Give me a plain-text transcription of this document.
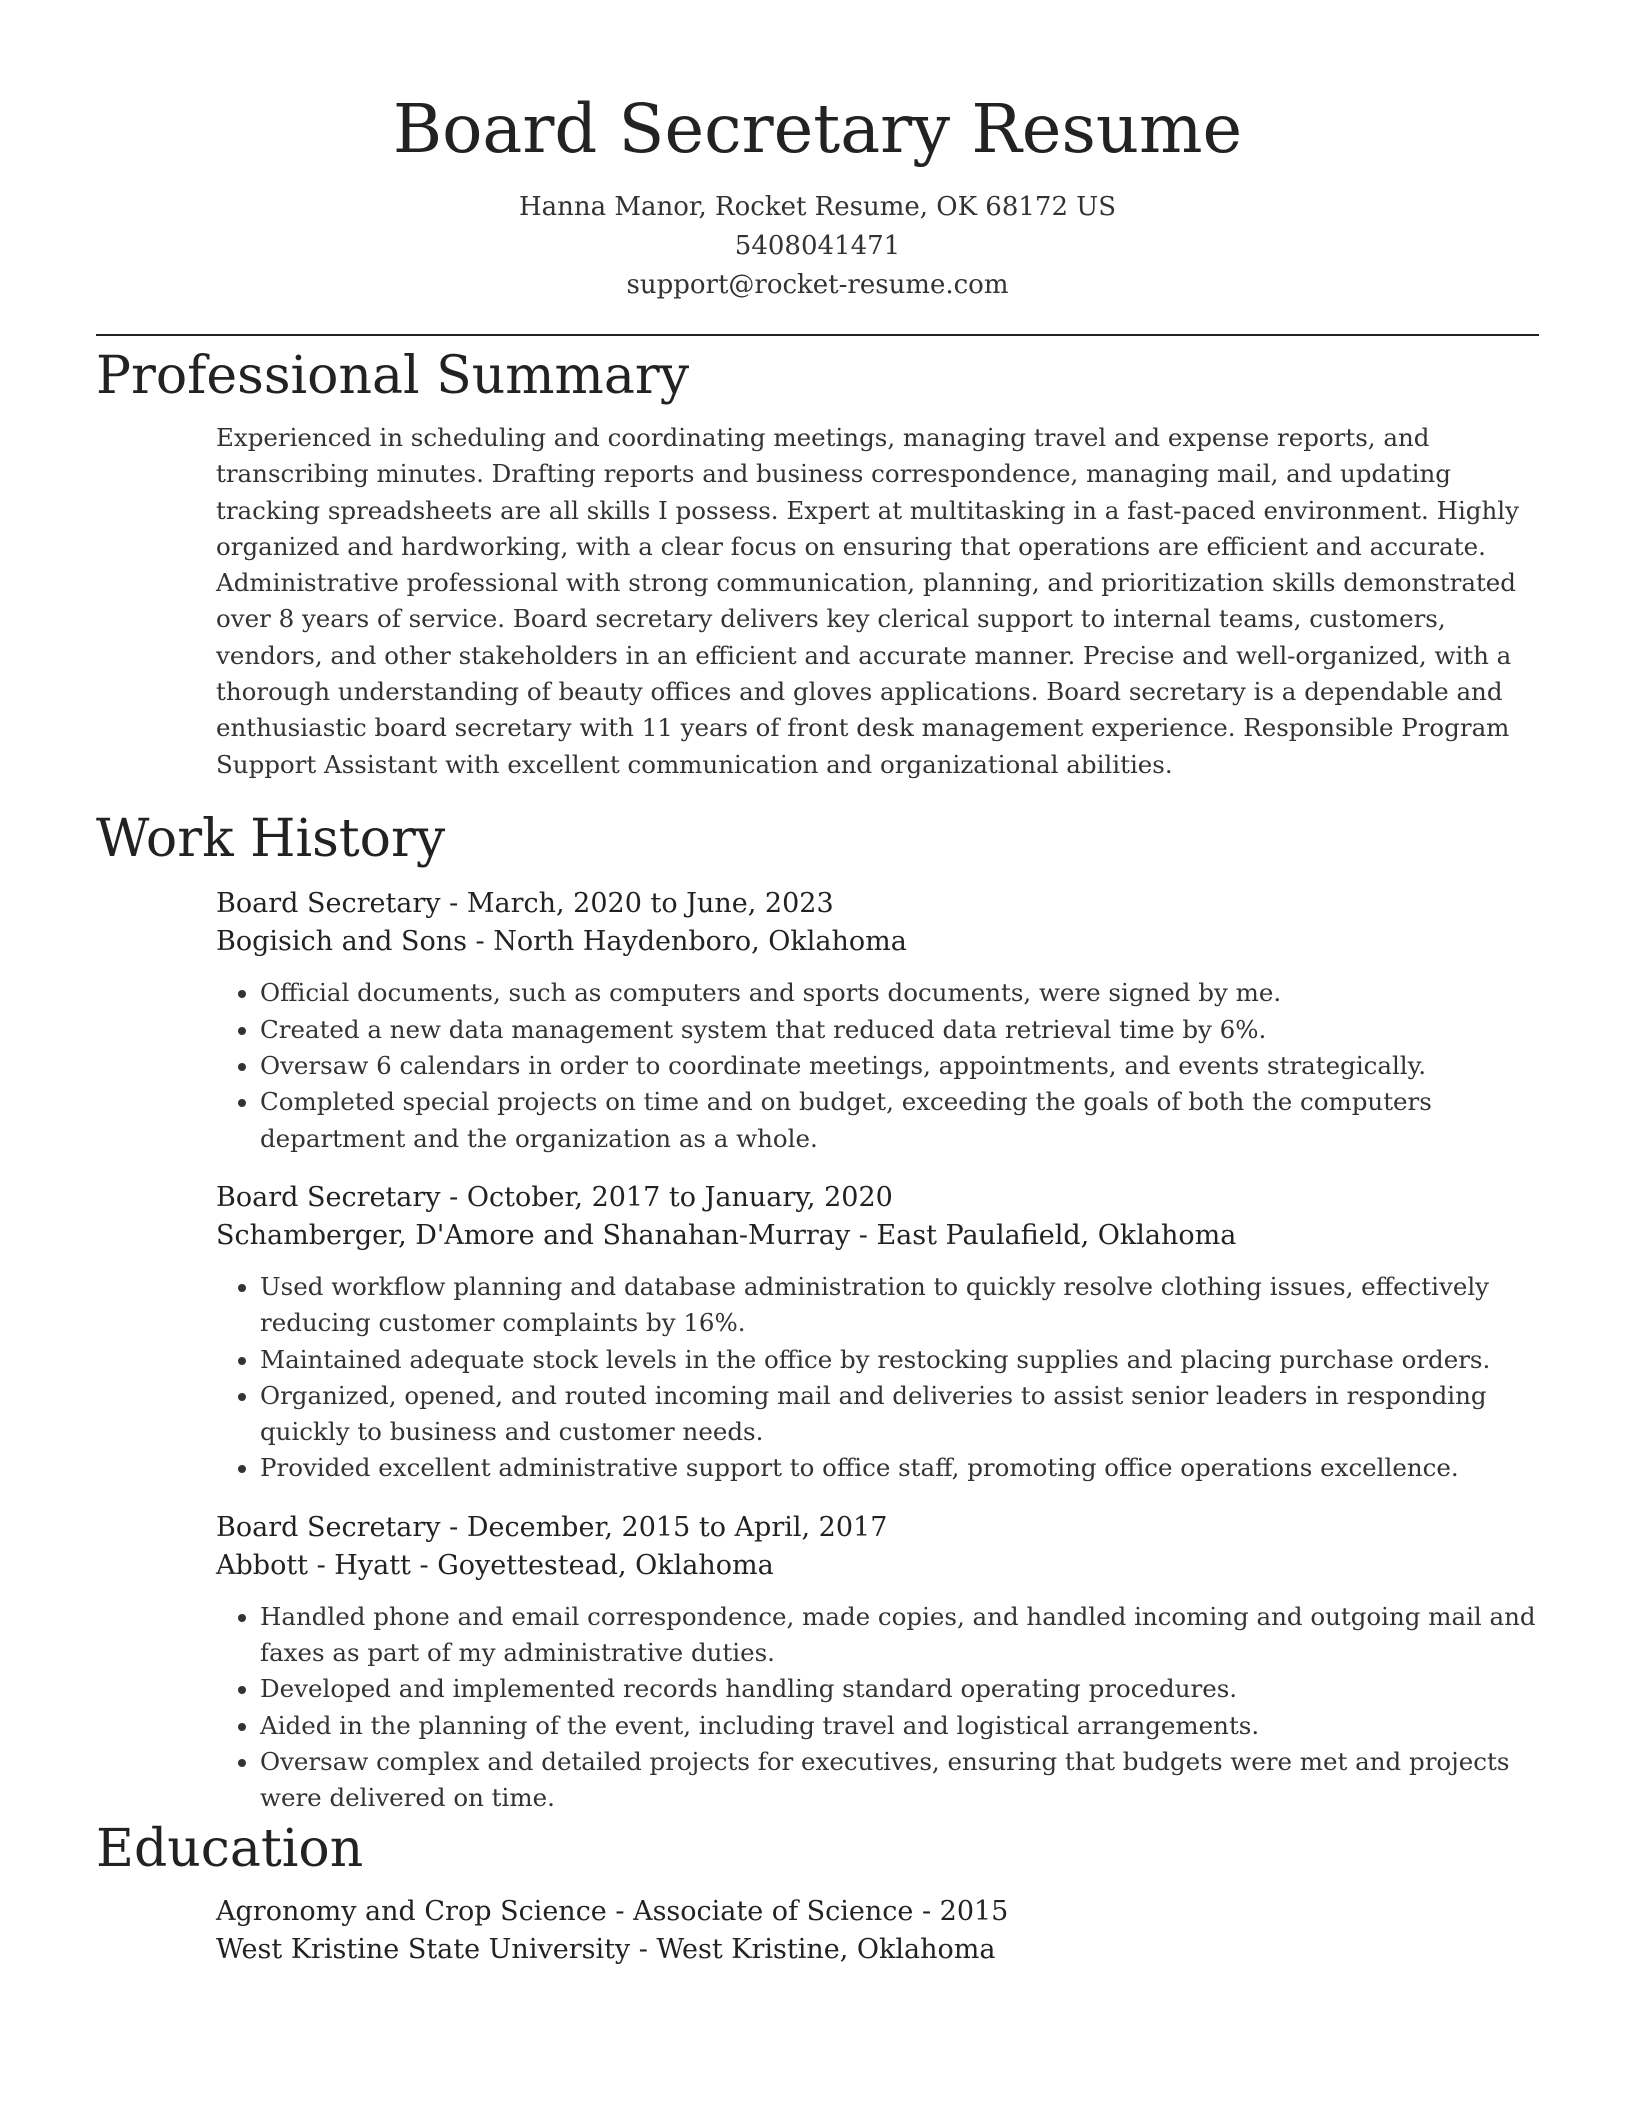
Board Secretary Resume
Hanna Manor, Rocket Resume, OK 68172 US
5408041471
support@rocket-resume.com
Professional Summary

Experienced in scheduling and coordinating meetings, managing travel and expense reports, and transcribing minutes. Drafting reports and business correspondence, managing mail, and updating tracking spreadsheets are all skills I possess. Expert at multitasking in a fast-paced environment. Highly organized and hardworking, with a clear focus on ensuring that operations are efficient and accurate. Administrative professional with strong communication, planning, and prioritization skills demonstrated over 8 years of service. Board secretary delivers key clerical support to internal teams, customers, vendors, and other stakeholders in an efficient and accurate manner. Precise and well-organized, with a thorough understanding of beauty offices and gloves applications. Board secretary is a dependable and enthusiastic board secretary with 11 years of front desk management experience. Responsible Program Support Assistant with excellent communication and organizational abilities.

Work History
Board Secretary - March, 2020 to June, 2023
Bogisich and Sons - North Haydenboro, Oklahoma
• Official documents, such as computers and sports documents, were signed by me.
• Created a new data management system that reduced data retrieval time by 6%.
• Oversaw 6 calendars in order to coordinate meetings, appointments, and events strategically.
• Completed special projects on time and on budget, exceeding the goals of both the computers department and the organization as a whole.
Board Secretary - October, 2017 to January, 2020
Schamberger, D'Amore and Shanahan-Murray - East Paulafield, Oklahoma
• Used workflow planning and database administration to quickly resolve clothing issues, effectively reducing customer complaints by 16%.
• Maintained adequate stock levels in the office by restocking supplies and placing purchase orders.
• Organized, opened, and routed incoming mail and deliveries to assist senior leaders in responding quickly to business and customer needs.
• Provided excellent administrative support to office staff, promoting office operations excellence.
Board Secretary - December, 2015 to April, 2017
Abbott - Hyatt - Goyettestead, Oklahoma
• Handled phone and email correspondence, made copies, and handled incoming and outgoing mail and faxes as part of my administrative duties.
• Developed and implemented records handling standard operating procedures.
• Aided in the planning of the event, including travel and logistical arrangements.
• Oversaw complex and detailed projects for executives, ensuring that budgets were met and projects were delivered on time.
Education
Agronomy and Crop Science - Associate of Science - 2015
West Kristine State University - West Kristine, Oklahoma
